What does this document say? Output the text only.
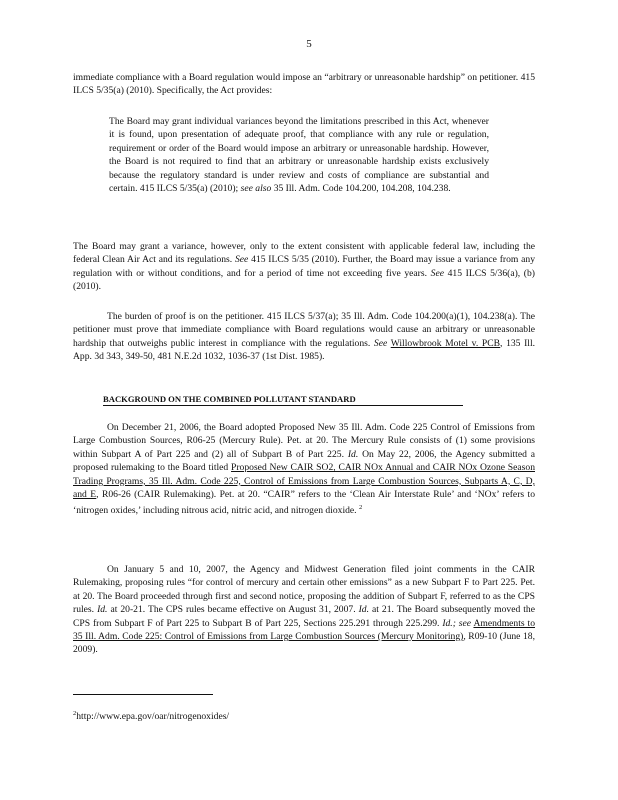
5
immediate compliance with a Board regulation would impose an “arbitrary or unreasonable hardship” on petitioner. 415 ILCS 5/35(a) (2010). Specifically, the Act provides:
The Board may grant individual variances beyond the limitations prescribed in this Act, whenever it is found, upon presentation of adequate proof, that compliance with any rule or regulation, requirement or order of the Board would impose an arbitrary or unreasonable hardship. However, the Board is not required to find that an arbitrary or unreasonable hardship exists exclusively because the regulatory standard is under review and costs of compliance are substantial and certain. 415 ILCS 5/35(a) (2010); see also 35 Ill. Adm. Code 104.200, 104.208, 104.238.
The Board may grant a variance, however, only to the extent consistent with applicable federal law, including the federal Clean Air Act and its regulations. See 415 ILCS 5/35 (2010). Further, the Board may issue a variance from any regulation with or without conditions, and for a period of time not exceeding five years. See 415 ILCS 5/36(a), (b) (2010).
The burden of proof is on the petitioner. 415 ILCS 5/37(a); 35 Ill. Adm. Code 104.200(a)(1), 104.238(a). The petitioner must prove that immediate compliance with Board regulations would cause an arbitrary or unreasonable hardship that outweighs public interest in compliance with the regulations. See Willowbrook Motel v. PCB, 135 Ill. App. 3d 343, 349-50, 481 N.E.2d 1032, 1036-37 (1st Dist. 1985).
BACKGROUND ON THE COMBINED POLLUTANT STANDARD
On December 21, 2006, the Board adopted Proposed New 35 Ill. Adm. Code 225 Control of Emissions from Large Combustion Sources, R06-25 (Mercury Rule). Pet. at 20. The Mercury Rule consists of (1) some provisions within Subpart A of Part 225 and (2) all of Subpart B of Part 225. Id. On May 22, 2006, the Agency submitted a proposed rulemaking to the Board titled Proposed New CAIR SO2, CAIR NOx Annual and CAIR NOx Ozone Season Trading Programs, 35 Ill. Adm. Code 225, Control of Emissions from Large Combustion Sources, Subparts A, C, D, and E, R06-26 (CAIR Rulemaking). Pet. at 20. “CAIR” refers to the ‘Clean Air Interstate Rule’ and ‘NOx’ refers to ‘nitrogen oxides,’ including nitrous acid, nitric acid, and nitrogen dioxide. $^2$
On January 5 and 10, 2007, the Agency and Midwest Generation filed joint comments in the CAIR Rulemaking, proposing rules “for control of mercury and certain other emissions” as a new Subpart F to Part 225. Pet. at 20. The Board proceeded through first and second notice, proposing the addition of Subpart F, referred to as the CPS rules. Id. at 20-21. The CPS rules became effective on August 31, 2007. Id. at 21. The Board subsequently moved the CPS from Subpart F of Part 225 to Subpart B of Part 225, Sections 225.291 through 225.299. Id.; see Amendments to 35 Ill. Adm. Code 225: Control of Emissions from Large Combustion Sources (Mercury Monitoring), R09-10 (June 18, 2009).
$^2$http://www.epa.gov/oar/nitrogenoxides/
